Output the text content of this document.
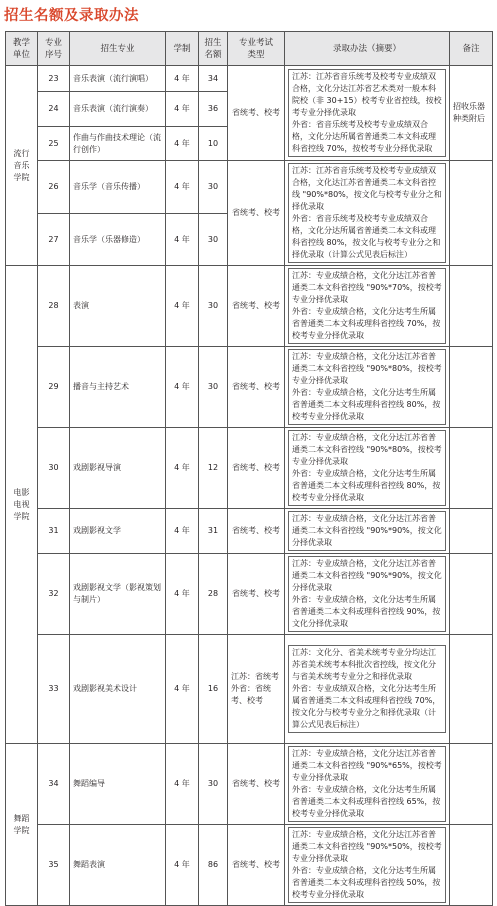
招生名额及录取办法
教学
单位	专业
序号	招生专业	学制	招生
名额	专业考试
类型	录取办法（摘要）	备注
流行
音乐
学院	23	音乐表演（流行演唱）	4 年	34	省统考、校考	江苏：江苏省音乐统考及校考专业成绩双合格，文化分达江苏省艺术类对一般本科院校（非 30+15）校考专业省控线，按校考专业分择优录取
外省：省音乐统考及校考专业成绩双合格，文化分达所属省普通类二本文科或理科省控线 70%，按校考专业分择优录取	招收乐器种类附后
	24	音乐表演（流行演奏）	4 年	36			
	25	作曲与作曲技术理论（流行创作）	4 年	10			
	26	音乐学（音乐传播）	4 年	30	省统考、校考	江苏：江苏省音乐统考及校考专业成绩双合格，文化达江苏省普通类二本文科省控线 "90%*80%，按文化与校考专业分之和择优录取
外省：省音乐统考及校考专业成绩双合格，文化分达所属省普通类二本文科或理科省控线 80%，按文化与校考专业分之和择优录取（计算公式见表后标注）	

	27	音乐学（乐器修造）	4 年	30			
电影
电视
学院	28	表演	4 年	30	省统考、校考	江苏：专业成绩合格，文化分达江苏省普通类二本文科省控线 "90%*70%，按校考专业分择优录取
外省：专业成绩合格，文化分达考生所属省普通类二本文科或理科省控线 70%，按校考专业分择优录取	

	29	播音与主持艺术	4 年	30	省统考、校考	江苏：专业成绩合格，文化分达江苏省普通类二本文科省控线 "90%*80%，按校考专业分择优录取
外省：专业成绩合格，文化分达考生所属省普通类二本文科或理科省控线 80%，按校考专业分择优录取	

	30	戏剧影视导演	4 年	12	省统考、校考	江苏：专业成绩合格，文化分达江苏省普通类二本文科省控线 "90%*80%，按校考专业分择优录取
外省：专业成绩合格，文化分达考生所属省普通类二本文科或理科省控线 80%，按校考专业分择优录取	

	31	戏剧影视文学	4 年	31	省统考、校考	江苏：专业成绩合格，文化分达江苏省普通类二本文科省控线 "90%*90%，按文化分择优录取	

	32	戏剧影视文学（影视策划与制片）	4 年	28	省统考、校考	江苏：专业成绩合格，文化分达江苏省普通类二本文科省控线 "90%*90%，按文化分择优录取
外省：专业成绩合格，文化分达考生所属省普通类二本文科或理科省控线 90%，按文化分择优录取	

	33	戏剧影视美术设计	4 年	16	江苏：省统考
外省：省统考、校考	江苏：文化分、省美术统考专业分均达江苏省美术统考本科批次省控线，按文化分与省美术统考专业分之和择优录取
外省：专业成绩双合格，文化分达考生所属省普通类二本文科或理科省控线 70%，按文化分与校考专业分之和择优录取（计算公式见表后标注）	

舞蹈
学院	34	舞蹈编导	4 年	30	省统考、校考	江苏：专业成绩合格，文化分达江苏省普通类二本文科省控线 "90%*65%，按校考专业分择优录取
外省：专业成绩合格，文化分达考生所属省普通类二本文科或理科省控线 65%，按校考专业分择优录取	

	35	舞蹈表演	4 年	86	省统考、校考	江苏：专业成绩合格，文化分达江苏省普通类二本文科省控线 "90%*50%，按校考专业分择优录取
外省：专业成绩合格，文化分达考生所属省普通类二本文科或理科省控线 50%，按校考专业分择优录取	
